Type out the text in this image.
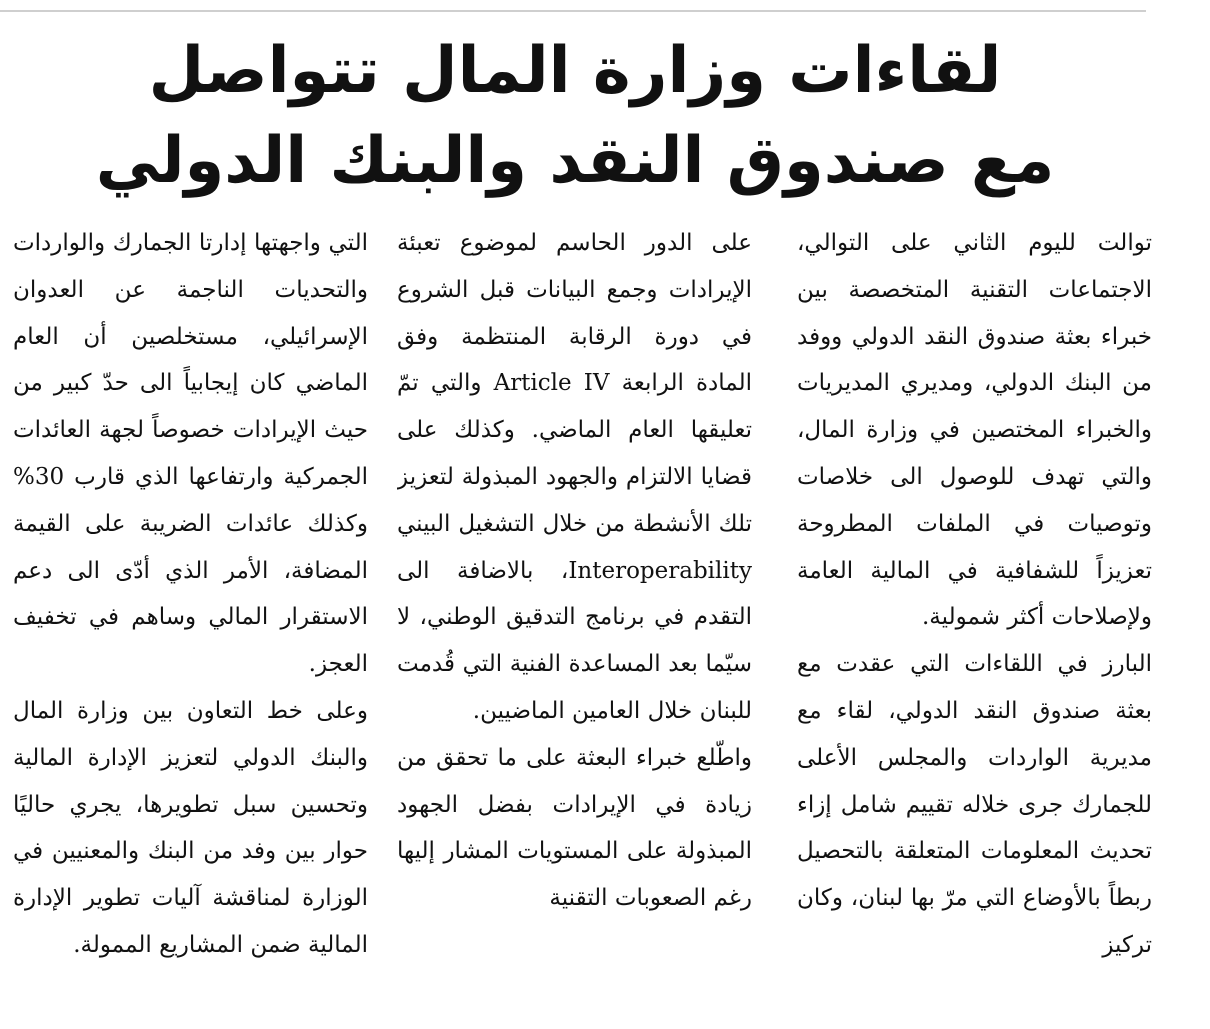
لقاءات وزارة المال تتواصل
مع صندوق النقد والبنك الدولي

توالت لليوم الثاني على التوالي، الاجتماعات التقنية المتخصصة بين خبراء بعثة صندوق النقد الدولي ووفد من البنك الدولي، ومديري المديريات والخبراء المختصين في وزارة المال، والتي تهدف للوصول الى خلاصات وتوصيات في الملفات المطروحة تعزيزاً للشفافية في المالية العامة ولإصلاحات أكثر شمولية.

البارز في اللقاءات التي عقدت مع بعثة صندوق النقد الدولي، لقاء مع مديرية الواردات والمجلس الأعلى للجمارك جرى خلاله تقييم شامل إزاء تحديث المعلومات المتعلقة بالتحصيل ربطاً بالأوضاع التي مرّ بها لبنان، وكان تركيز

على الدور الحاسم لموضوع تعبئة الإيرادات وجمع البيانات قبل الشروع في دورة الرقابة المنتظمة وفق المادة الرابعة Article IV والتي تمّ تعليقها العام الماضي. وكذلك على قضايا الالتزام والجهود المبذولة لتعزيز تلك الأنشطة من خلال التشغيل البيني Interoperability، بالاضافة الى التقدم في برنامج التدقيق الوطني، لا سيّما بعد المساعدة الفنية التي قُدمت للبنان خلال العامين الماضيين.

واطّلع خبراء البعثة على ما تحقق من زيادة في الإيرادات بفضل الجهود المبذولة على المستويات المشار إليها رغم الصعوبات التقنية

التي واجهتها إدارتا الجمارك والواردات والتحديات الناجمة عن العدوان الإسرائيلي، مستخلصين أن العام الماضي كان إيجابياً الى حدّ كبير من حيث الإيرادات خصوصاً لجهة العائدات الجمركية وارتفاعها الذي قارب 30% وكذلك عائدات الضريبة على القيمة المضافة، الأمر الذي أدّى الى دعم الاستقرار المالي وساهم في تخفيف العجز.

وعلى خط التعاون بين وزارة المال والبنك الدولي لتعزيز الإدارة المالية وتحسين سبل تطويرها، يجري حاليًا حوار بين وفد من البنك والمعنيين في الوزارة لمناقشة آليات تطوير الإدارة المالية ضمن المشاريع الممولة.
